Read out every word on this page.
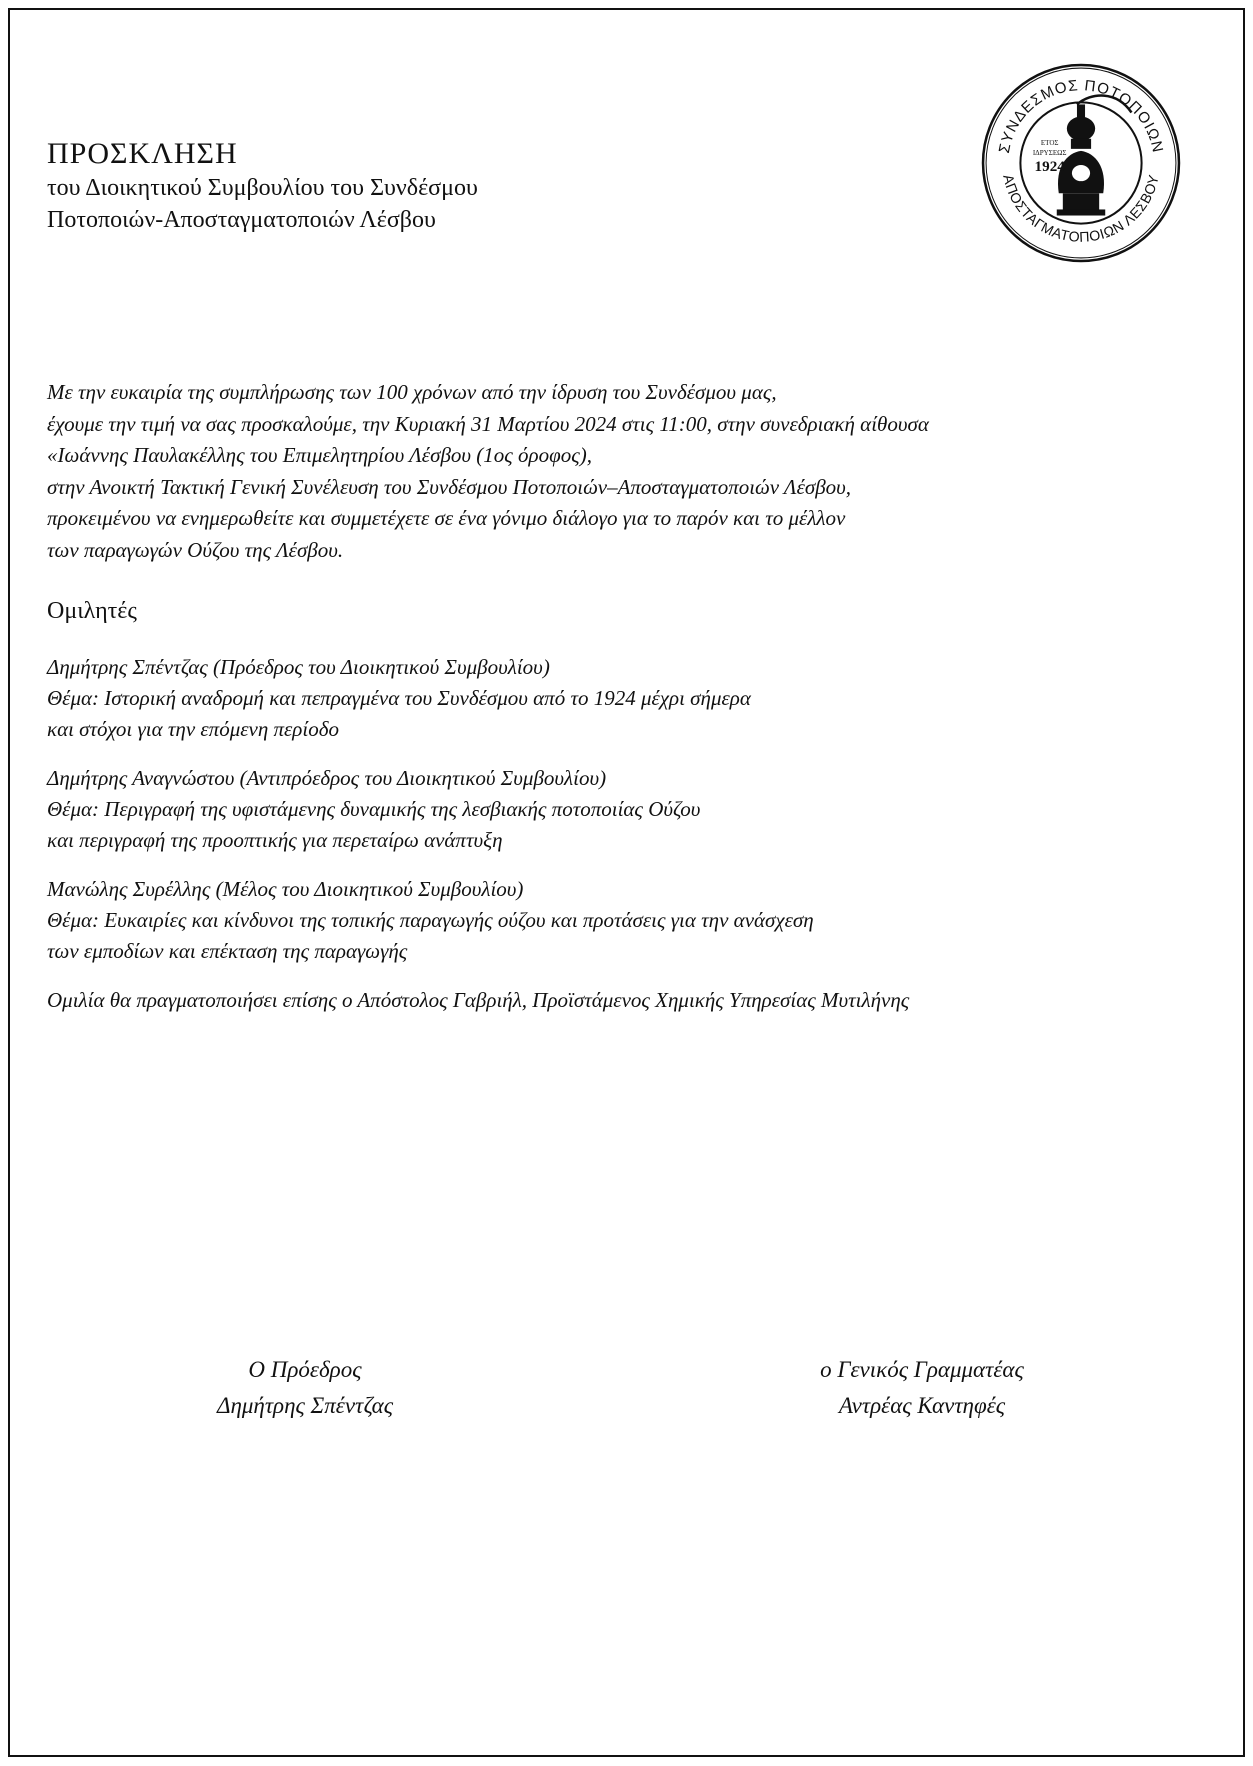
ΠΡΟΣΚΛΗΣΗ

του Διοικητικού Συμβουλίου του Συνδέσμου

Ποτοποιών-Αποσταγματοποιών Λέσβου

ΣΥΝΔΕΣΜΟΣ ΠΟΤΟΠΟΙΩΝ
ΑΠΟΣΤΑΓΜΑΤΟΠΟΙΩΝ ΛΕΣΒΟΥ
ΕΤΟΣ
ΙΔΡΥΣΕΩΣ
1924

Με την ευκαιρία της συμπλήρωσης των 100 χρόνων από την ίδρυση του Συνδέσμου μας,

έχουμε την τιμή να σας προσκαλούμε, την Κυριακή 31 Μαρτίου 2024 στις 11:00, στην συνεδριακή αίθουσα

«Ιωάννης Παυλακέλλης του Επιμελητηρίου Λέσβου (1ος όροφος),

στην Ανοικτή Τακτική Γενική Συνέλευση του Συνδέσμου Ποτοποιών–Αποσταγματοποιών Λέσβου,

προκειμένου να ενημερωθείτε και συμμετέχετε σε ένα γόνιμο διάλογο για το παρόν και το μέλλον

των παραγωγών Ούζου της Λέσβου.

Ομιλητές

Δημήτρης Σπέντζας (Πρόεδρος του Διοικητικού Συμβουλίου)

Θέμα: Ιστορική αναδρομή και πεπραγμένα του Συνδέσμου από το 1924 μέχρι σήμερα

και στόχοι για την επόμενη περίοδο

Δημήτρης Αναγνώστου (Αντιπρόεδρος του Διοικητικού Συμβουλίου)

Θέμα: Περιγραφή της υφιστάμενης δυναμικής της λεσβιακής ποτοποιίας Ούζου

και περιγραφή της προοπτικής για περεταίρω ανάπτυξη

Μανώλης Συρέλλης (Μέλος του Διοικητικού Συμβουλίου)

Θέμα: Ευκαιρίες και κίνδυνοι της τοπικής παραγωγής ούζου και προτάσεις για την ανάσχεση

των εμποδίων και επέκταση της παραγωγής

Ομιλία θα πραγματοποιήσει επίσης ο Απόστολος Γαβριήλ, Προϊστάμενος Χημικής Υπηρεσίας Μυτιλήνης

Ο Πρόεδρος

Δημήτρης Σπέντζας

ο Γενικός Γραμματέας

Αντρέας Καντηφές
